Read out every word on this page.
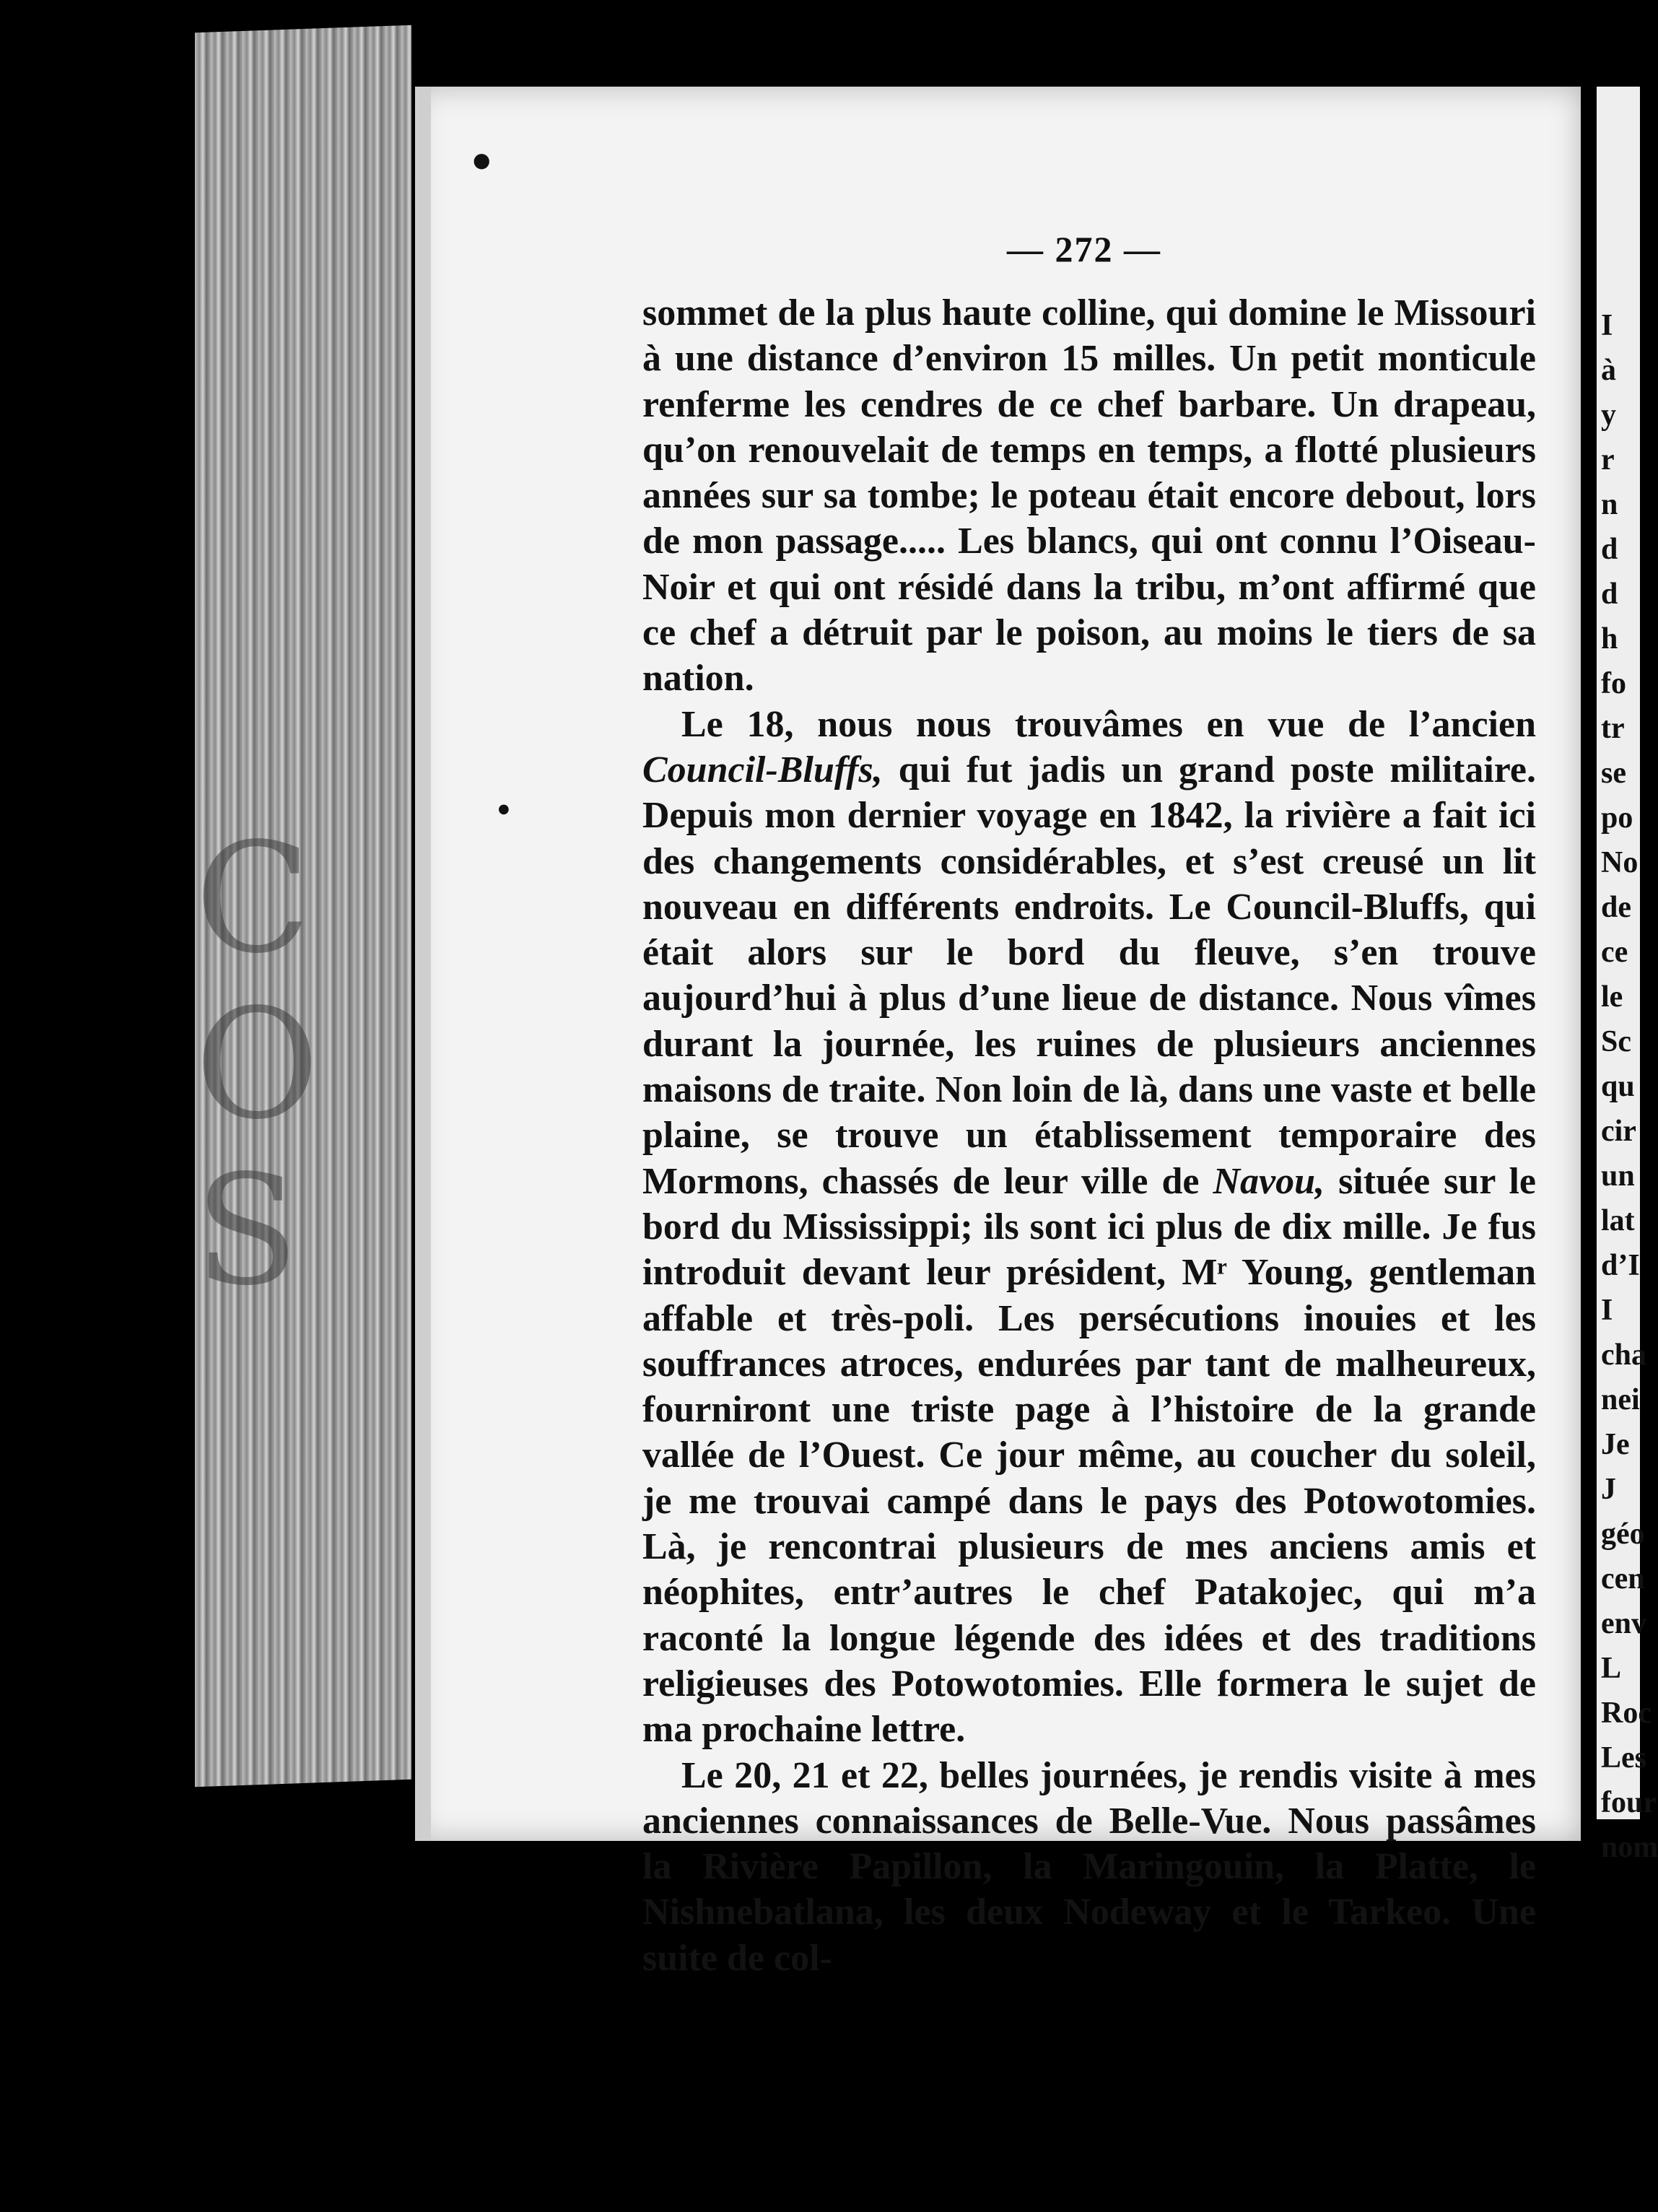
C
O
S
●
●
— 272 —

sommet de la plus haute colline, qui domine le Missouri à une distance d’environ 15 milles. Un petit monticule renferme les cendres de ce chef barbare. Un drapeau, qu’on renouvelait de temps en temps, a flotté plusieurs années sur sa tombe; le poteau était encore debout, lors de mon passage..... Les blancs, qui ont connu l’Oiseau-Noir et qui ont résidé dans la tribu, m’ont affirmé que ce chef a détruit par le poison, au moins le tiers de sa nation.

Le 18, nous nous trouvâmes en vue de l’ancien Council-Bluffs, qui fut jadis un grand poste militaire. Depuis mon dernier voyage en 1842, la rivière a fait ici des changements considérables, et s’est creusé un lit nouveau en différents endroits. Le Council-Bluffs, qui était alors sur le bord du fleuve, s’en trouve aujourd’hui à plus d’une lieue de distance. Nous vîmes durant la journée, les ruines de plusieurs anciennes maisons de traite. Non loin de là, dans une vaste et belle plaine, se trouve un établissement temporaire des Mormons, chassés de leur ville de Navou, située sur le bord du Mississippi; ils sont ici plus de dix mille. Je fus introduit devant leur président, Mʳ Young, gentleman affable et très-poli. Les persécutions inouies et les souffrances atroces, endurées par tant de malheureux, fourniront une triste page à l’histoire de la grande vallée de l’Ouest. Ce jour même, au coucher du soleil, je me trouvai campé dans le pays des Potowotomies. Là, je rencontrai plusieurs de mes anciens amis et néophites, entr’autres le chef Patakojec, qui m’a raconté la longue légende des idées et des traditions religieuses des Potowotomies. Elle formera le sujet de ma prochaine lettre.

Le 20, 21 et 22, belles journées, je rendis visite à mes anciennes connaissances de Belle-Vue. Nous passâmes la Rivière Papillon, la Maringouin, la Platte, le Nishnebatlana, les deux Nodeway et le Tarkeo. Une suite de col-

I
à
y
r
n
d
d
h
fo
tr
se
po
No
de
ce
le
Sc
qu
cir
un
lat
d’I
I
cha
nei
Je
J
géo
cen
env
L
Roc
Les
four
nom
